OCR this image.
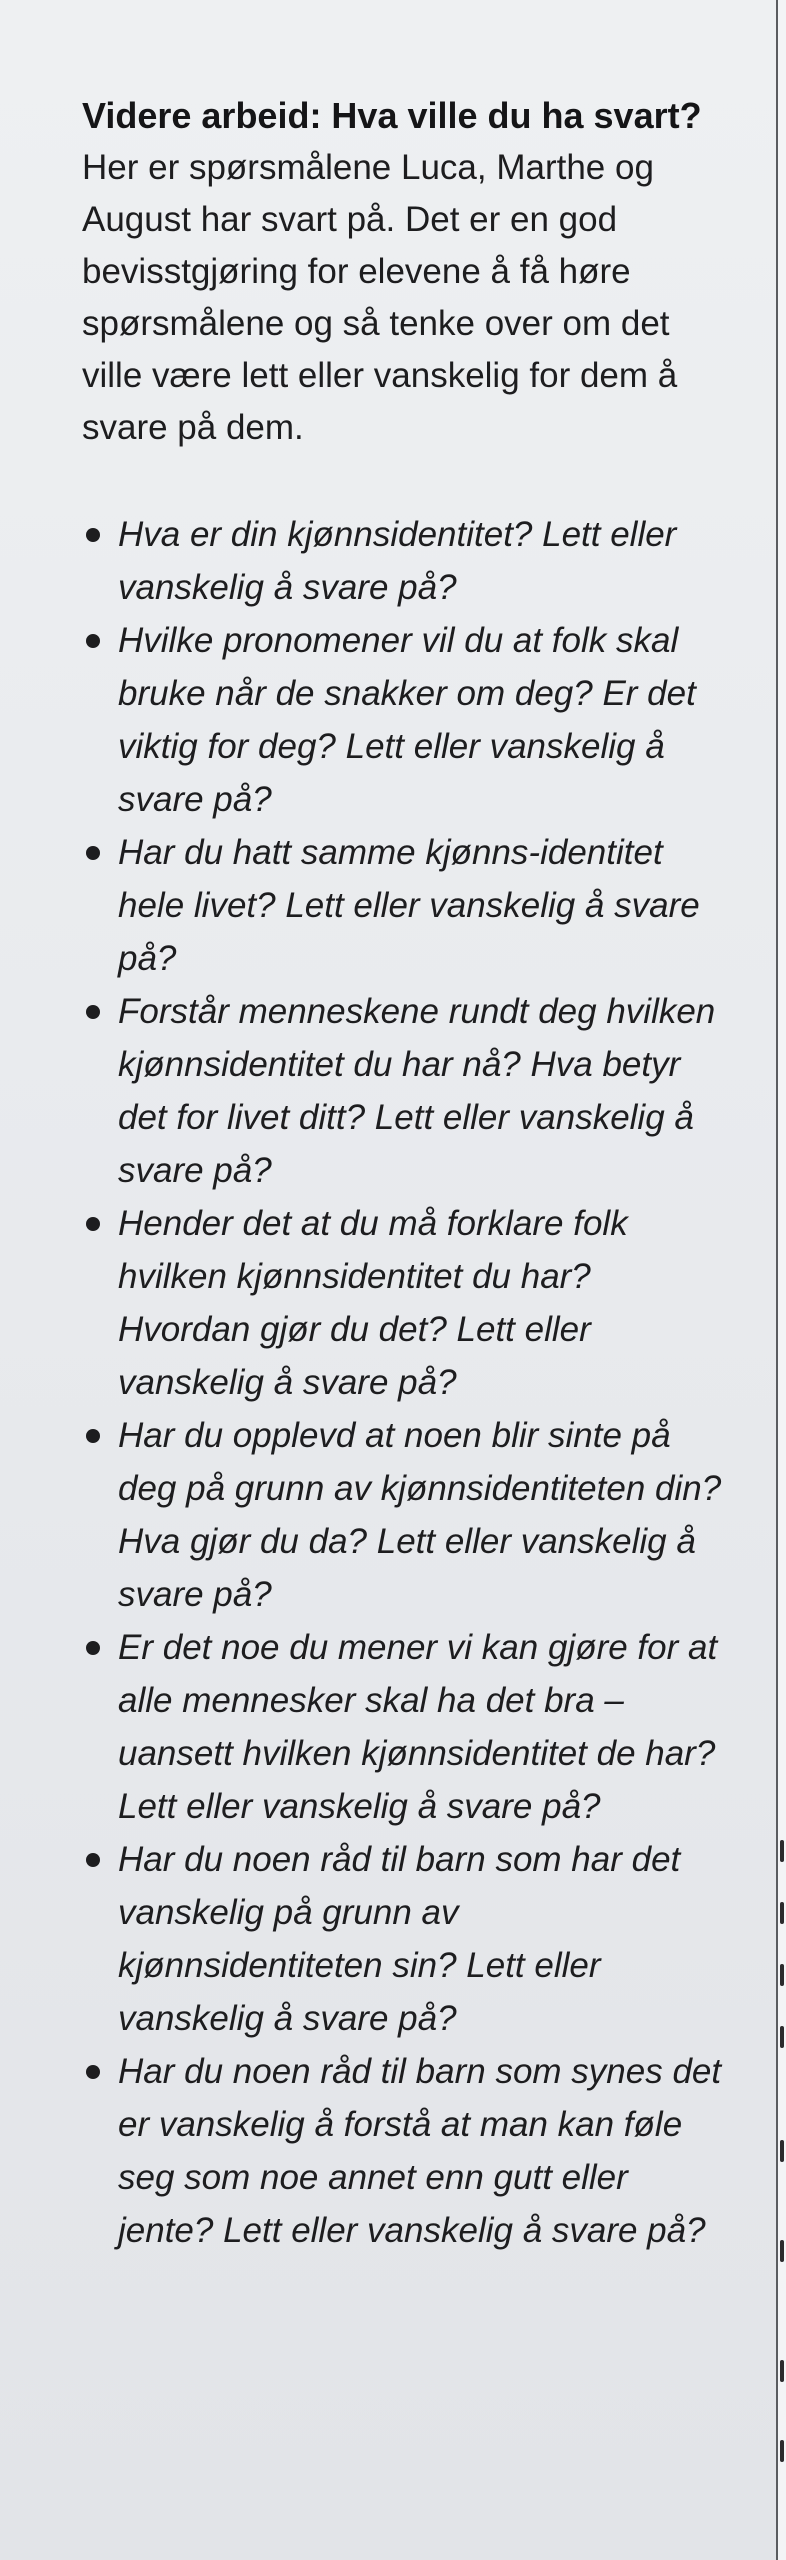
Videre arbeid: Hva ville du ha svart?

Her er spørsmålene Luca, Marthe og August har svart på. Det er en god bevisstgjøring for elevene å få høre spørsmålene og så tenke over om det ville være lett eller vanskelig for dem å svare på dem.

Hva er din kjønnsidentitet? Lett eller vanskelig å svare på?
Hvilke pronomener vil du at folk skal bruke når de snakker om deg? Er det viktig for deg? Lett eller vanskelig å svare på?
Har du hatt samme kjønns-identitet hele livet? Lett eller vanskelig å svare på?
Forstår menneskene rundt deg hvilken kjønnsidentitet du har nå? Hva betyr det for livet ditt? Lett eller vanskelig å svare på?
Hender det at du må forklare folk hvilken kjønnsidentitet du har? Hvordan gjør du det? Lett eller vanskelig å svare på?
Har du opplevd at noen blir sinte på deg på grunn av kjønnsidentiteten din? Hva gjør du da? Lett eller vanskelig å svare på?
Er det noe du mener vi kan gjøre for at alle mennesker skal ha det bra – uansett hvilken kjønnsidentitet de har? Lett eller vanskelig å svare på?
Har du noen råd til barn som har det vanskelig på grunn av kjønnsidentiteten sin? Lett eller vanskelig å svare på?
Har du noen råd til barn som synes det er vanskelig å forstå at man kan føle seg som noe annet enn gutt eller jente? Lett eller vanskelig å svare på?
